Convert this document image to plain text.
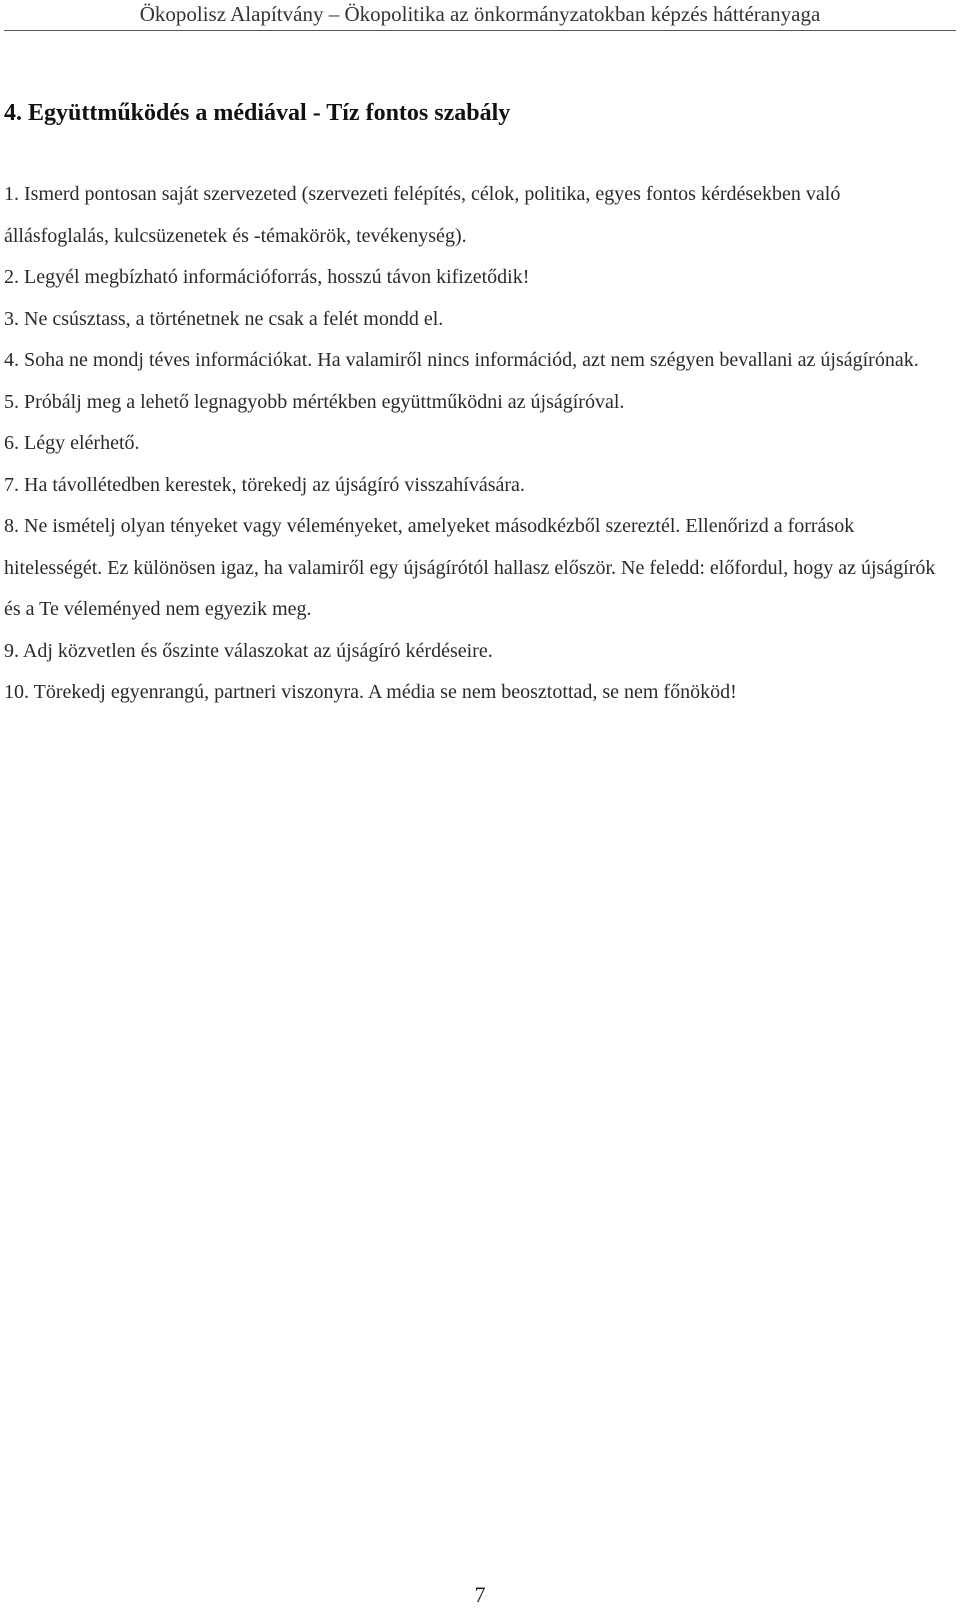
Ökopolisz Alapítvány – Ökopolitika az önkormányzatokban képzés háttéranyaga
4. Együttműködés a médiával - Tíz fontos szabály
1. Ismerd pontosan saját szervezeted (szervezeti felépítés, célok, politika, egyes fontos kérdésekben való állásfoglalás, kulcsüzenetek és -témakörök, tevékenység).
2. Legyél megbízható információforrás, hosszú távon kifizetődik!
3. Ne csúsztass, a történetnek ne csak a felét mondd el.
4. Soha ne mondj téves információkat. Ha valamiről nincs információd, azt nem szégyen bevallani az újságírónak.
5. Próbálj meg a lehető legnagyobb mértékben együttműködni az újságíróval.
6. Légy elérhető.
7. Ha távollétedben kerestek, törekedj az újságíró visszahívására.
8. Ne ismételj olyan tényeket vagy véleményeket, amelyeket másodkézből szereztél. Ellenőrizd a források hitelességét. Ez különösen igaz, ha valamiről egy újságírótól hallasz először. Ne feledd: előfordul, hogy az újságírók és a Te véleményed nem egyezik meg.
9. Adj közvetlen és őszinte válaszokat az újságíró kérdéseire.
10. Törekedj egyenrangú, partneri viszonyra. A média se nem beosztottad, se nem főnököd!
7
